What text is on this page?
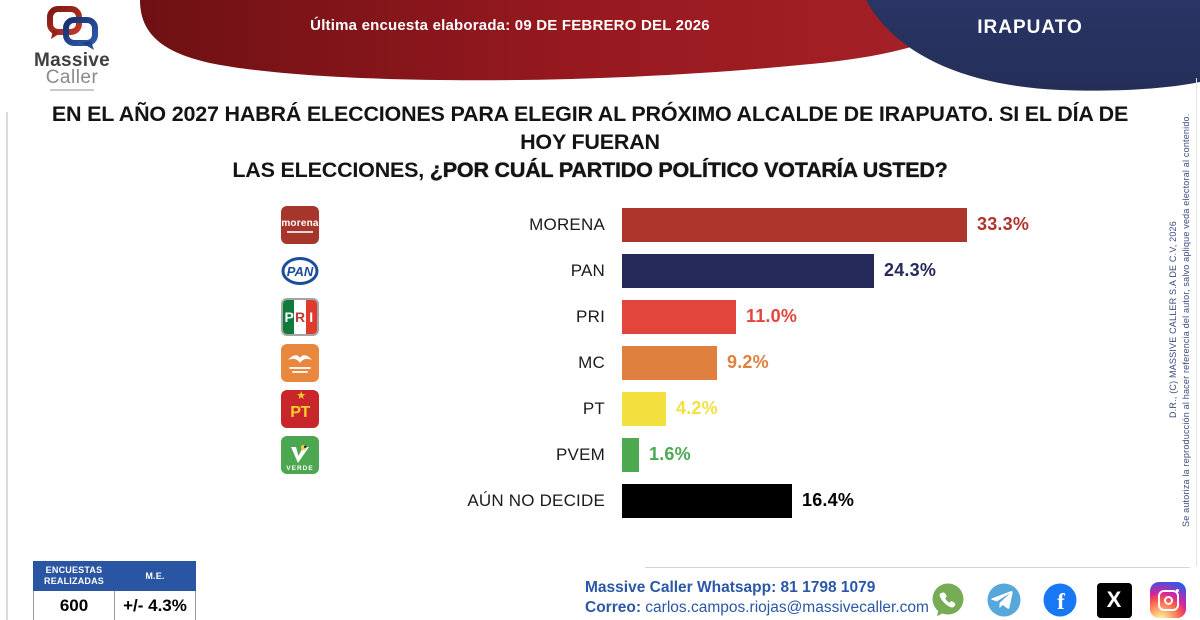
Última encuesta elaborada: 09 DE FEBRERO DEL 2026	IRAPUATO
Massive
Caller
EN EL AÑO 2027 HABRÁ ELECCIONES PARA ELEGIR AL PRÓXIMO ALCALDE DE IRAPUATO. SI EL DÍA DE HOY FUERAN
LAS ELECCIONES, ¿POR CUÁL PARTIDO POLÍTICO VOTARÍA USTED?
morena	MORENA	33.3%
PAN	PAN	24.3%
P R I	PRI	11.0%
MC	9.2%
★
PT	PT	4.2%
VERDE
PVEM 1.6%
AÚN NO DECIDE	16.4%
ENCUESTAS REALIZADAS	M.E.
600	+/- 4.3%
Massive Caller Whatsapp: 81 1798 1079
Correo: carlos.campos.riojas@massivecaller.com	f	X
D.R., (C) MASSIVE CALLER S.A DE C.V, 2026 Se autoriza la reproducción al hacer referencia del autor, salvo aplique veda electoral al contenido.
